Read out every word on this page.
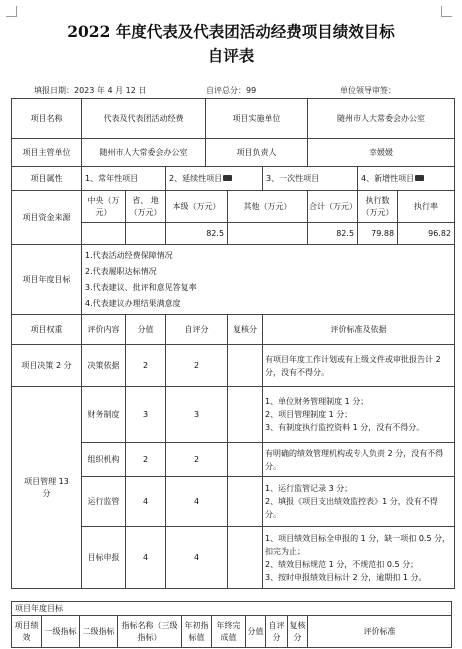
2022 年度代表及代表团活动经费项目绩效目标
自评表
填报日期：2023 年 4 月 12 日	自评总分：99	单位领导审签：
项目名称	代表及代表团活动经费			项目实施单位			随州市人大常委会办公室		
项目主管单位	随州市人大常委会办公室			项目负责人			幸媛媛		
项目属性	1、常年性项目		2、延续性项目			3、一次性项目		4、新增性项目	
项目资金来源	中央（万元）	省、 地（万元）	本级（万元）		其他（万元）		合计（万元）	执行数（万元）	执行率
			82.5				82.5	79.88	96.82
项目年度目标	1.代表活动经费保障情况
2.代表履职达标情况
3.代表建议、批评和意见答复率
4.代表建议办理结果满意度								

项目权重	评价内容	分值	自评分		复核分	评价标准及依据			
项目决策 2 分	决策依据	2	2			有项目年度工作计划或有上级文件或审批报告计 2 分，没有不得分。			
项目管理 13 分	财务制度	3	3			1、单位财务管理制度 1 分；
2、项目管理制度 1 分；
3、有制度执行监控资料 1 分，没有不得分。			

	组织机构	2	2			有明确的绩效管理机构或专人负责 2 分，没有不得分。			

	运行监管	4	4			1、运行监管记录 3 分；
2、填报《项目支出绩效监控表》1 分，没有不得分。			

	目标申报	4	4			1、项目绩效目标全申报的 1 分，缺一项扣 0.5 分，扣完为止；
2、绩效目标规范 1 分，不规范扣 0.5 分；
3、按时申报绩效目标计 2 分，逾期扣 1 分。			
项目年度目标
项目绩效	一级指标	二级指标	指标名称（三级指标）	年初指标值	年终完成值	分值	自评分	复核分	评价标准
